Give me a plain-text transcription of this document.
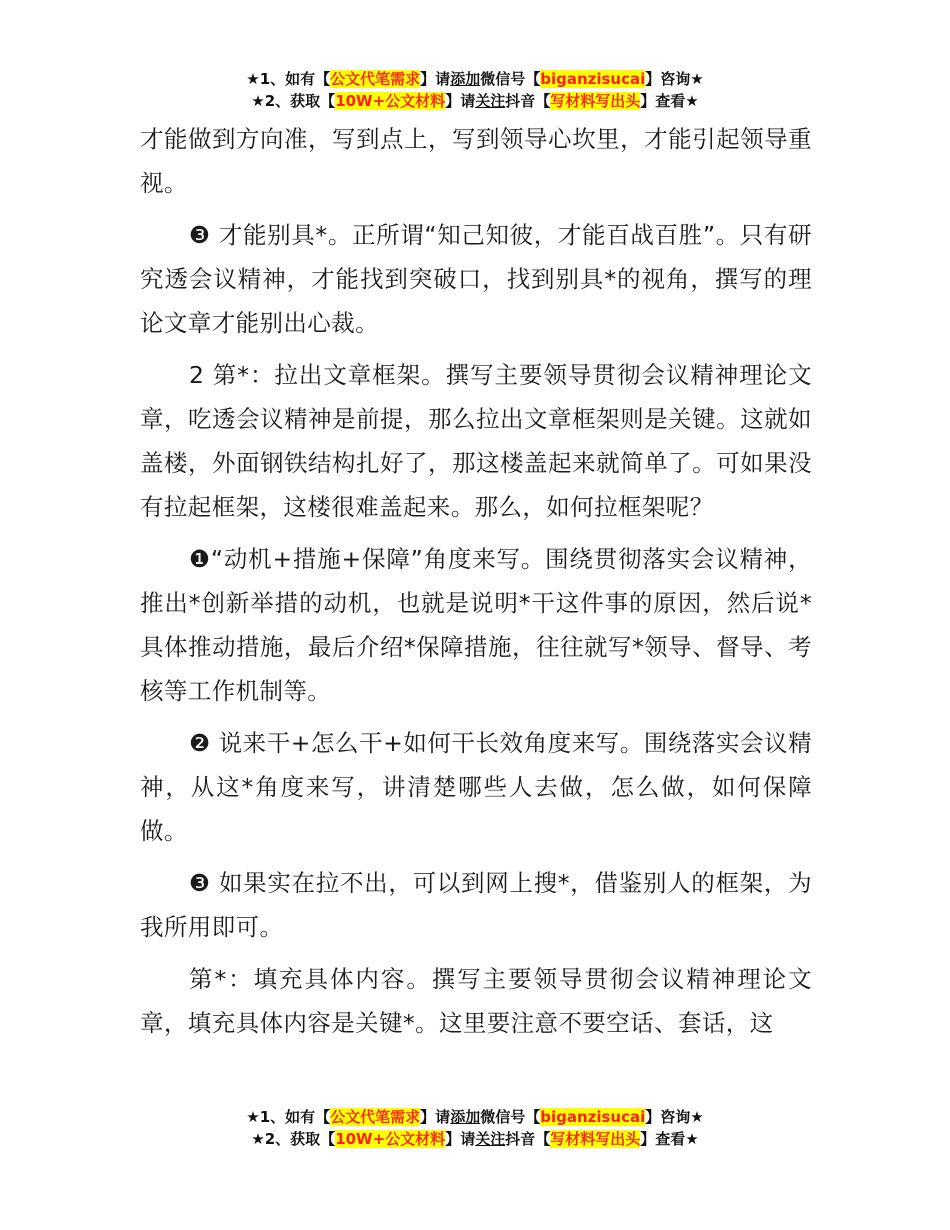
★1、如有【公文代笔需求】请添加微信号【biganzisucai】咨询★
★2、获取【10W+公文材料】请关注抖音【写材料写出头】查看★

才能做到方向准，写到点上，写到领导心坎里，才能引起领导重视。

❸ 才能别具*。正所谓“知己知彼，才能百战百胜”。只有研究透会议精神，才能找到突破口，找到别具*的视角，撰写的理论文章才能别出心裁。

2 第*：拉出文章框架。撰写主要领导贯彻会议精神理论文章，吃透会议精神是前提，那么拉出文章框架则是关键。这就如盖楼，外面钢铁结构扎好了，那这楼盖起来就简单了。可如果没有拉起框架，这楼很难盖起来。那么，如何拉框架呢？

❶“动机+措施+保障”角度来写。围绕贯彻落实会议精神，推出*创新举措的动机，也就是说明*干这件事的原因，然后说*具体推动措施，最后介绍*保障措施，往往就写*领导、督导、考核等工作机制等。

❷ 说来干+怎么干+如何干长效角度来写。围绕落实会议精神，从这*角度来写，讲清楚哪些人去做，怎么做，如何保障做。

❸ 如果实在拉不出，可以到网上搜*，借鉴别人的框架，为我所用即可。

第*：填充具体内容。撰写主要领导贯彻会议精神理论文章，填充具体内容是关键*。这里要注意不要空话、套话，这

★1、如有【公文代笔需求】请添加微信号【biganzisucai】咨询★
★2、获取【10W+公文材料】请关注抖音【写材料写出头】查看★
